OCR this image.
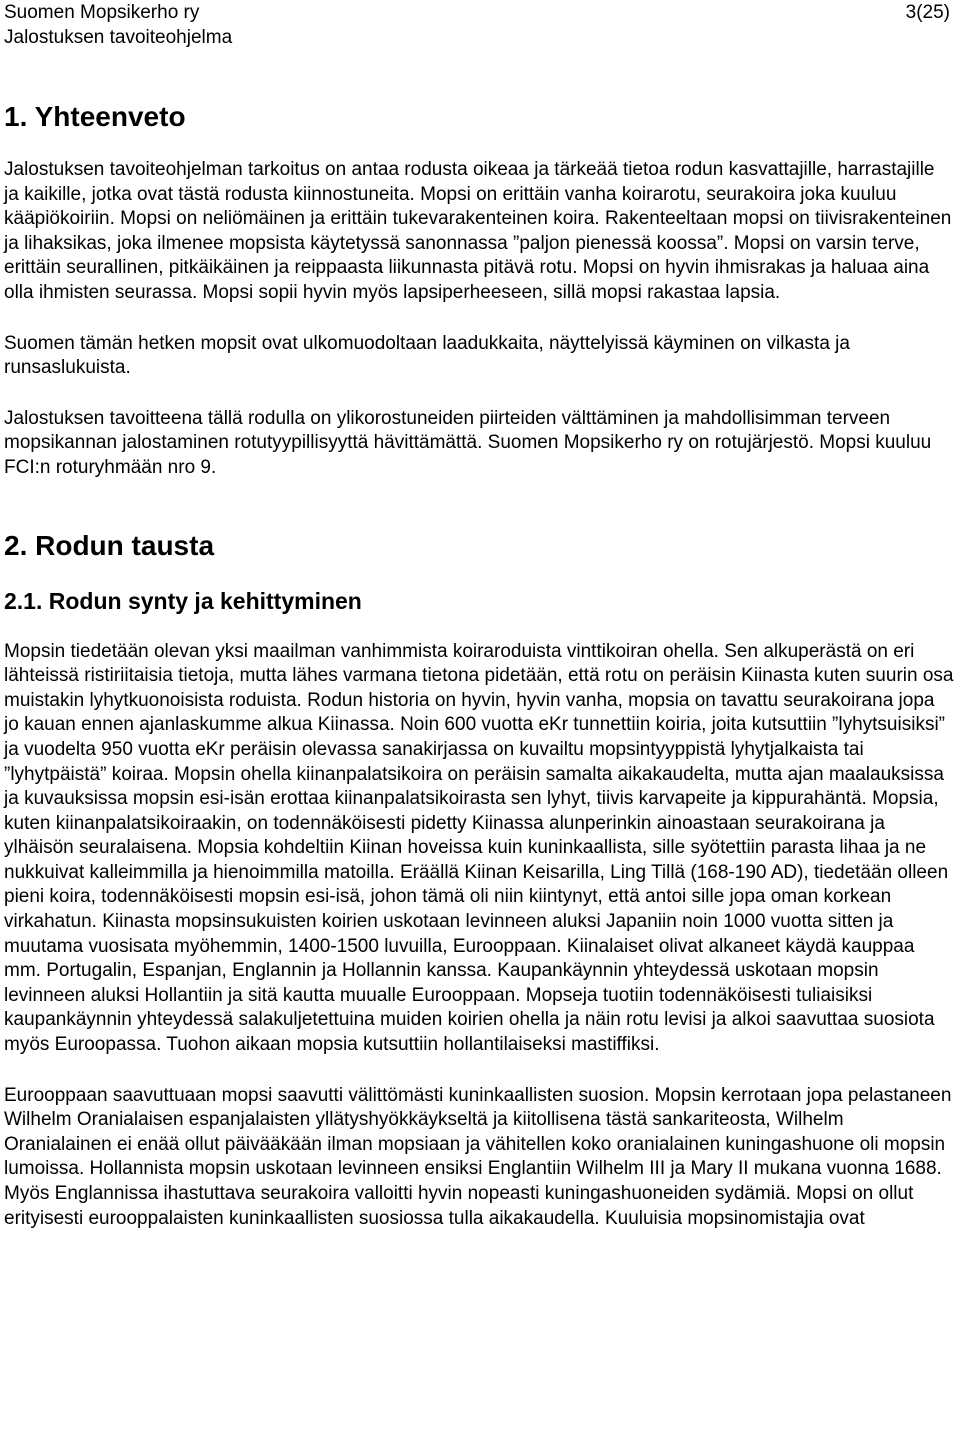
Suomen Mopsikerho ry
Jalostuksen tavoiteohjelma
3(25)
1. Yhteenveto

Jalostuksen tavoiteohjelman tarkoitus on antaa rodusta oikeaa ja tärkeää tietoa rodun kasvattajille, harrastajille ja kaikille, jotka ovat tästä rodusta kiinnostuneita. Mopsi on erittäin vanha koirarotu, seurakoira joka kuuluu kääpiökoiriin. Mopsi on neliömäinen ja erittäin tukevarakenteinen koira. Rakenteeltaan mopsi on tiivisrakenteinen ja lihaksikas, joka ilmenee mopsista käytetyssä sanonnassa ”paljon pienessä koossa”. Mopsi on varsin terve, erittäin seurallinen, pitkäikäinen ja reippaasta liikunnasta pitävä rotu. Mopsi on hyvin ihmisrakas ja haluaa aina olla ihmisten seurassa. Mopsi sopii hyvin myös lapsiperheeseen, sillä mopsi rakastaa lapsia.

Suomen tämän hetken mopsit ovat ulkomuodoltaan laadukkaita, näyttelyissä käyminen on vilkasta ja runsaslukuista.

Jalostuksen tavoitteena tällä rodulla on ylikorostuneiden piirteiden välttäminen ja mahdollisimman terveen mopsikannan jalostaminen rotutyypillisyyttä hävittämättä. Suomen Mopsikerho ry on rotujärjestö. Mopsi kuuluu FCI:n roturyhmään nro 9.

2. Rodun tausta
2.1. Rodun synty ja kehittyminen

Mopsin tiedetään olevan yksi maailman vanhimmista koiraroduista vinttikoiran ohella. Sen alkuperästä on eri lähteissä ristiriitaisia tietoja, mutta lähes varmana tietona pidetään, että rotu on peräisin Kiinasta kuten suurin osa muistakin lyhytkuonoisista roduista. Rodun historia on hyvin, hyvin vanha, mopsia on tavattu seurakoirana jopa jo kauan ennen ajanlaskumme alkua Kiinassa. Noin 600 vuotta eKr tunnettiin koiria, joita kutsuttiin ”lyhytsuisiksi” ja vuodelta 950 vuotta eKr peräisin olevassa sanakirjassa on kuvailtu mopsintyyppistä lyhytjalkaista tai ”lyhytpäistä” koiraa. Mopsin ohella kiinanpalatsikoira on peräisin samalta aikakaudelta, mutta ajan maalauksissa ja kuvauksissa mopsin esi-isän erottaa kiinanpalatsikoirasta sen lyhyt, tiivis karvapeite ja kippurahäntä. Mopsia, kuten kiinanpalatsikoiraakin, on todennäköisesti pidetty Kiinassa alunperinkin ainoastaan seurakoirana ja ylhäisön seuralaisena. Mopsia kohdeltiin Kiinan hoveissa kuin kuninkaallista, sille syötettiin parasta lihaa ja ne nukkuivat kalleimmilla ja hienoimmilla matoilla. Eräällä Kiinan Keisarilla, Ling Tillä (168-190 AD), tiedetään olleen pieni koira, todennäköisesti mopsin esi-isä, johon tämä oli niin kiintynyt, että antoi sille jopa oman korkean virkahatun. Kiinasta mopsinsukuisten koirien uskotaan levinneen aluksi Japaniin noin 1000 vuotta sitten ja muutama vuosisata myöhemmin, 1400-1500 luvuilla, Eurooppaan. Kiinalaiset olivat alkaneet käydä kauppaa mm. Portugalin, Espanjan, Englannin ja Hollannin kanssa. Kaupankäynnin yhteydessä uskotaan mopsin levinneen aluksi Hollantiin ja sitä kautta muualle Eurooppaan. Mopseja tuotiin todennäköisesti tuliaisiksi kaupankäynnin yhteydessä salakuljetettuina muiden koirien ohella ja näin rotu levisi ja alkoi saavuttaa suosiota myös Euroopassa. Tuohon aikaan mopsia kutsuttiin hollantilaiseksi mastiffiksi.

Eurooppaan saavuttuaan mopsi saavutti välittömästi kuninkaallisten suosion. Mopsin kerrotaan jopa pelastaneen Wilhelm Oranialaisen espanjalaisten yllätyshyökkäykseltä ja kiitollisena tästä sankariteosta, Wilhelm Oranialainen ei enää ollut päivääkään ilman mopsiaan ja vähitellen koko oranialainen kuningashuone oli mopsin lumoissa. Hollannista mopsin uskotaan levinneen ensiksi Englantiin Wilhelm III ja Mary II mukana vuonna 1688. Myös Englannissa ihastuttava seurakoira valloitti hyvin nopeasti kuningashuoneiden sydämiä. Mopsi on ollut erityisesti eurooppalaisten kuninkaallisten suosiossa tulla aikakaudella. Kuuluisia mopsinomistajia ovat
